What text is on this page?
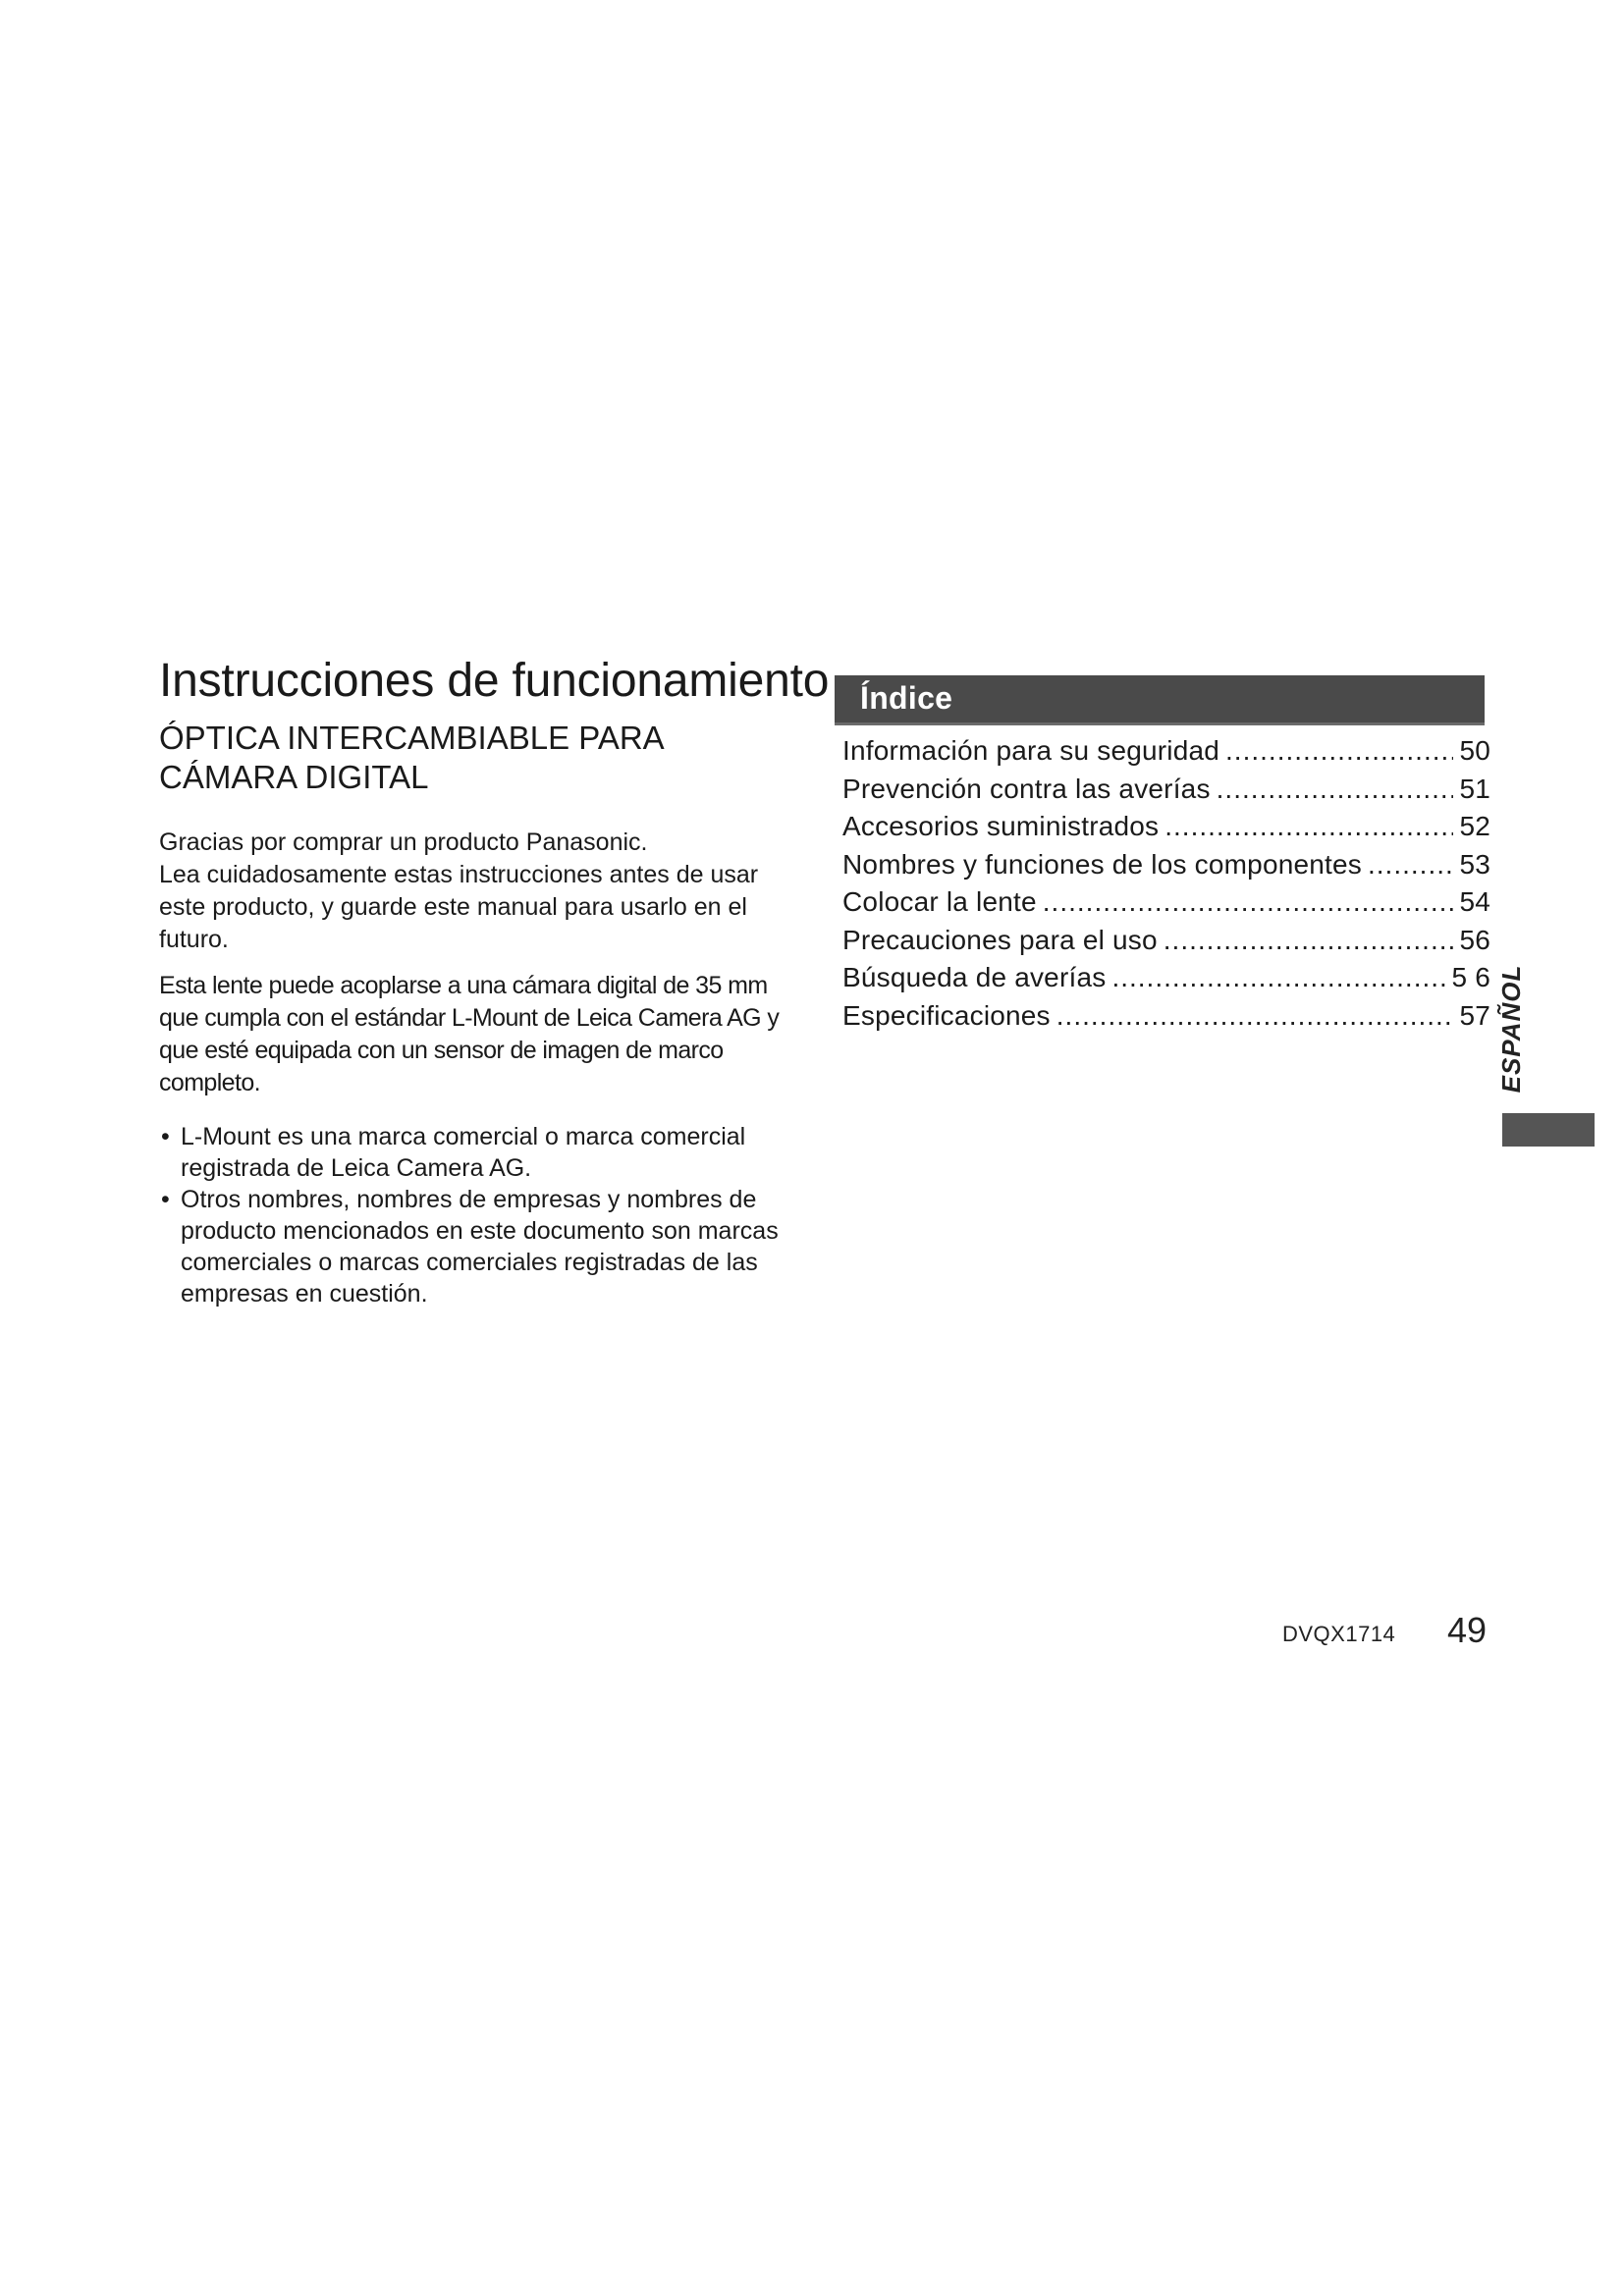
Instrucciones de funcionamiento
ÓPTICA INTERCAMBIABLE PARA CÁMARA DIGITAL

Gracias por comprar un producto Panasonic.

Lea cuidadosamente estas instrucciones antes de usar este producto, y guarde este manual para usarlo en el futuro.

Esta lente puede acoplarse a una cámara digital de 35 mm que cumpla con el estándar L-Mount de Leica Camera AG y que esté equipada con un sensor de imagen de marco completo.

• L-Mount es una marca comercial o marca comercial registrada de Leica Camera AG.
• Otros nombres, nombres de empresas y nombres de producto mencionados en este documento son marcas comerciales o marcas comerciales registradas de las empresas en cuestión.
Índice
Información para su seguridad .....	50
Prevención contra las averías .....	51
Accesorios suministrados .....	52
Nombres y funciones de los componentes .....	53
Colocar la lente .....	54
Precauciones para el uso .....	56
Búsqueda de averías .....	5 6
Especificaciones .....	57 ESPAÑOL
DVQX1714 49
